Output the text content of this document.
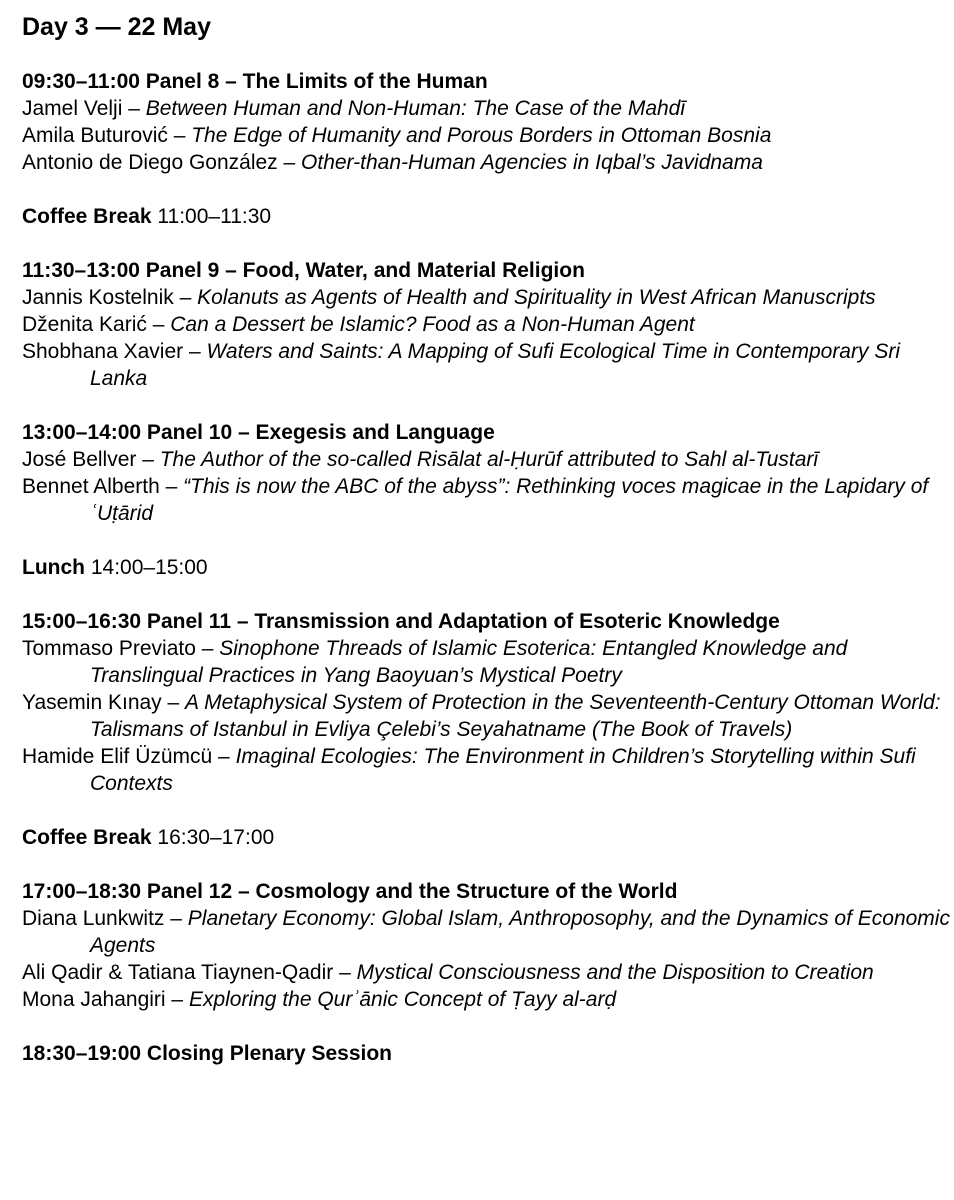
Day 3 — 22 May
09:30–11:00 Panel 8 – The Limits of the Human
Jamel Velji – Between Human and Non-Human: The Case of the Mahdī
Amila Buturović – The Edge of Humanity and Porous Borders in Ottoman Bosnia
Antonio de Diego González – Other-than-Human Agencies in Iqbal’s Javidnama
Coffee Break 11:00–11:30
11:30–13:00 Panel 9 – Food, Water, and Material Religion
Jannis Kostelnik – Kolanuts as Agents of Health and Spirituality in West African Manuscripts
Dženita Karić – Can a Dessert be Islamic? Food as a Non-Human Agent
Shobhana Xavier – Waters and Saints: A Mapping of Sufi Ecological Time in Contemporary Sri Lanka
13:00–14:00 Panel 10 – Exegesis and Language
José Bellver – The Author of the so-called Risālat al-Ḥurūf attributed to Sahl al-Tustarī
Bennet Alberth – “This is now the ABC of the abyss”: Rethinking voces magicae in the Lapidary of ʿUṭārid
Lunch 14:00–15:00
15:00–16:30 Panel 11 – Transmission and Adaptation of Esoteric Knowledge
Tommaso Previato – Sinophone Threads of Islamic Esoterica: Entangled Knowledge and Translingual Practices in Yang Baoyuan’s Mystical Poetry
Yasemin Kınay – A Metaphysical System of Protection in the Seventeenth-Century Ottoman World: Talismans of Istanbul in Evliya Çelebi’s Seyahatname (The Book of Travels)
Hamide Elif Üzümcü – Imaginal Ecologies: The Environment in Children’s Storytelling within Sufi Contexts
Coffee Break 16:30–17:00
17:00–18:30 Panel 12 – Cosmology and the Structure of the World
Diana Lunkwitz – Planetary Economy: Global Islam, Anthroposophy, and the Dynamics of Economic Agents
Ali Qadir & Tatiana Tiaynen-Qadir – Mystical Consciousness and the Disposition to Creation
Mona Jahangiri – Exploring the Qurʾānic Concept of Ṭayy al-arḍ
18:30–19:00 Closing Plenary Session
